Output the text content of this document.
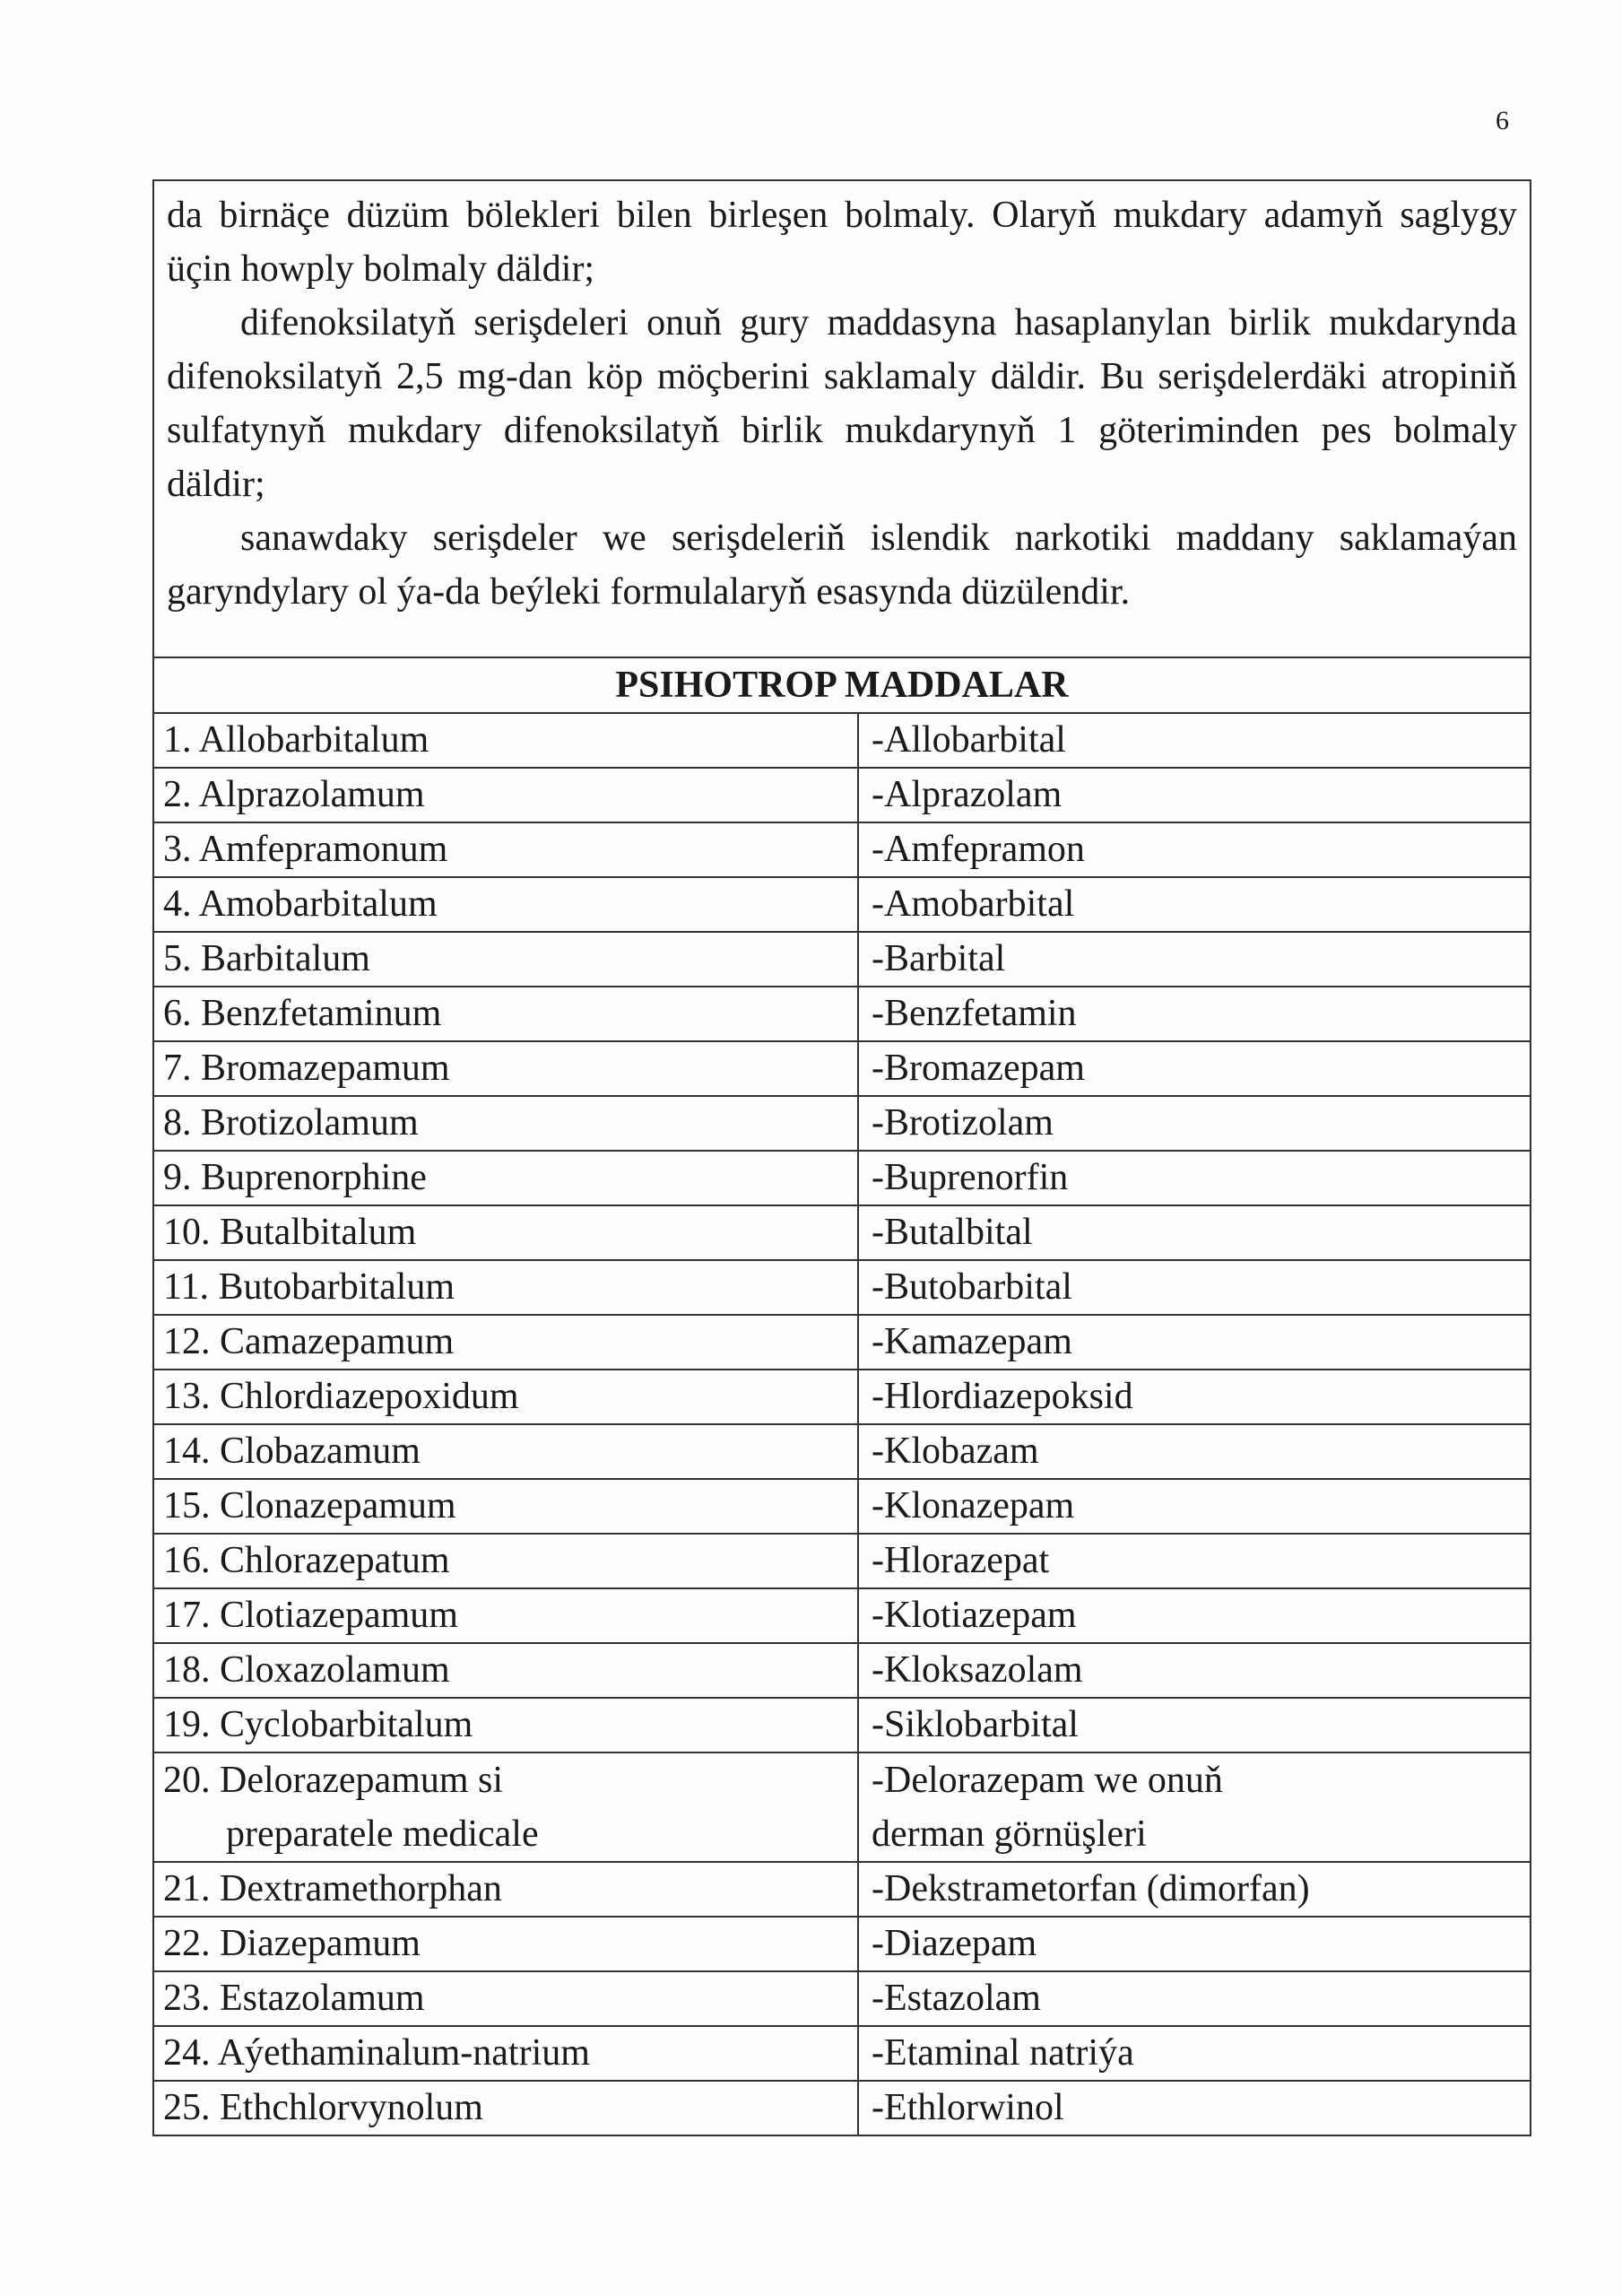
6

da birnäçe düzüm bölekleri bilen birleşen bolmaly. Olaryň mukdary adamyň saglygy üçin howply bolmaly däldir;

difenoksilatyň serişdeleri onuň gury maddasyna hasaplanylan birlik mukdarynda difenoksilatyň 2,5 mg-dan köp möçberini saklamaly däldir. Bu serişdelerdäki atropiniň sulfatynyň mukdary difenoksilatyň birlik mukdarynyň 1 göteriminden pes bolmaly däldir;

sanawdaky serişdeler we serişdeleriň islendik narkotiki maddany saklamaýan garyndylary ol ýa-da beýleki formulalaryň esasynda düzülendir.

PSIHOTROP MADDALAR
1. Allobarbitalum	-Allobarbital

2. Alprazolamum	-Alprazolam

3. Amfepramonum	-Amfepramon

4. Amobarbitalum	-Amobarbital

5. Barbitalum	-Barbital

6. Benzfetaminum	-Benzfetamin

7. Bromazepamum	-Bromazepam

8. Brotizolamum	-Brotizolam

9. Buprenorphine	-Buprenorfin

10. Butalbitalum	-Butalbital

11. Butobarbitalum	-Butobarbital

12. Camazepamum	-Kamazepam

13. Chlordiazepoxidum	-Hlordiazepoksid

14. Clobazamum	-Klobazam

15. Clonazepamum	-Klonazepam

16. Chlorazepatum	-Hlorazepat

17. Clotiazepamum	-Klotiazepam

18. Cloxazolamum	-Kloksazolam

19. Cyclobarbitalum	-Siklobarbital

20. Delorazepamum si
preparatele medicale	-Delorazepam we onuň
derman görnüşleri

21. Dextramethorphan	-Dekstrametorfan (dimorfan)

22. Diazepamum	-Diazepam

23. Estazolamum	-Estazolam

24. Aýethaminalum-natrium	-Etaminal natriýa

25. Ethchlorvynolum	-Ethlorwinol
